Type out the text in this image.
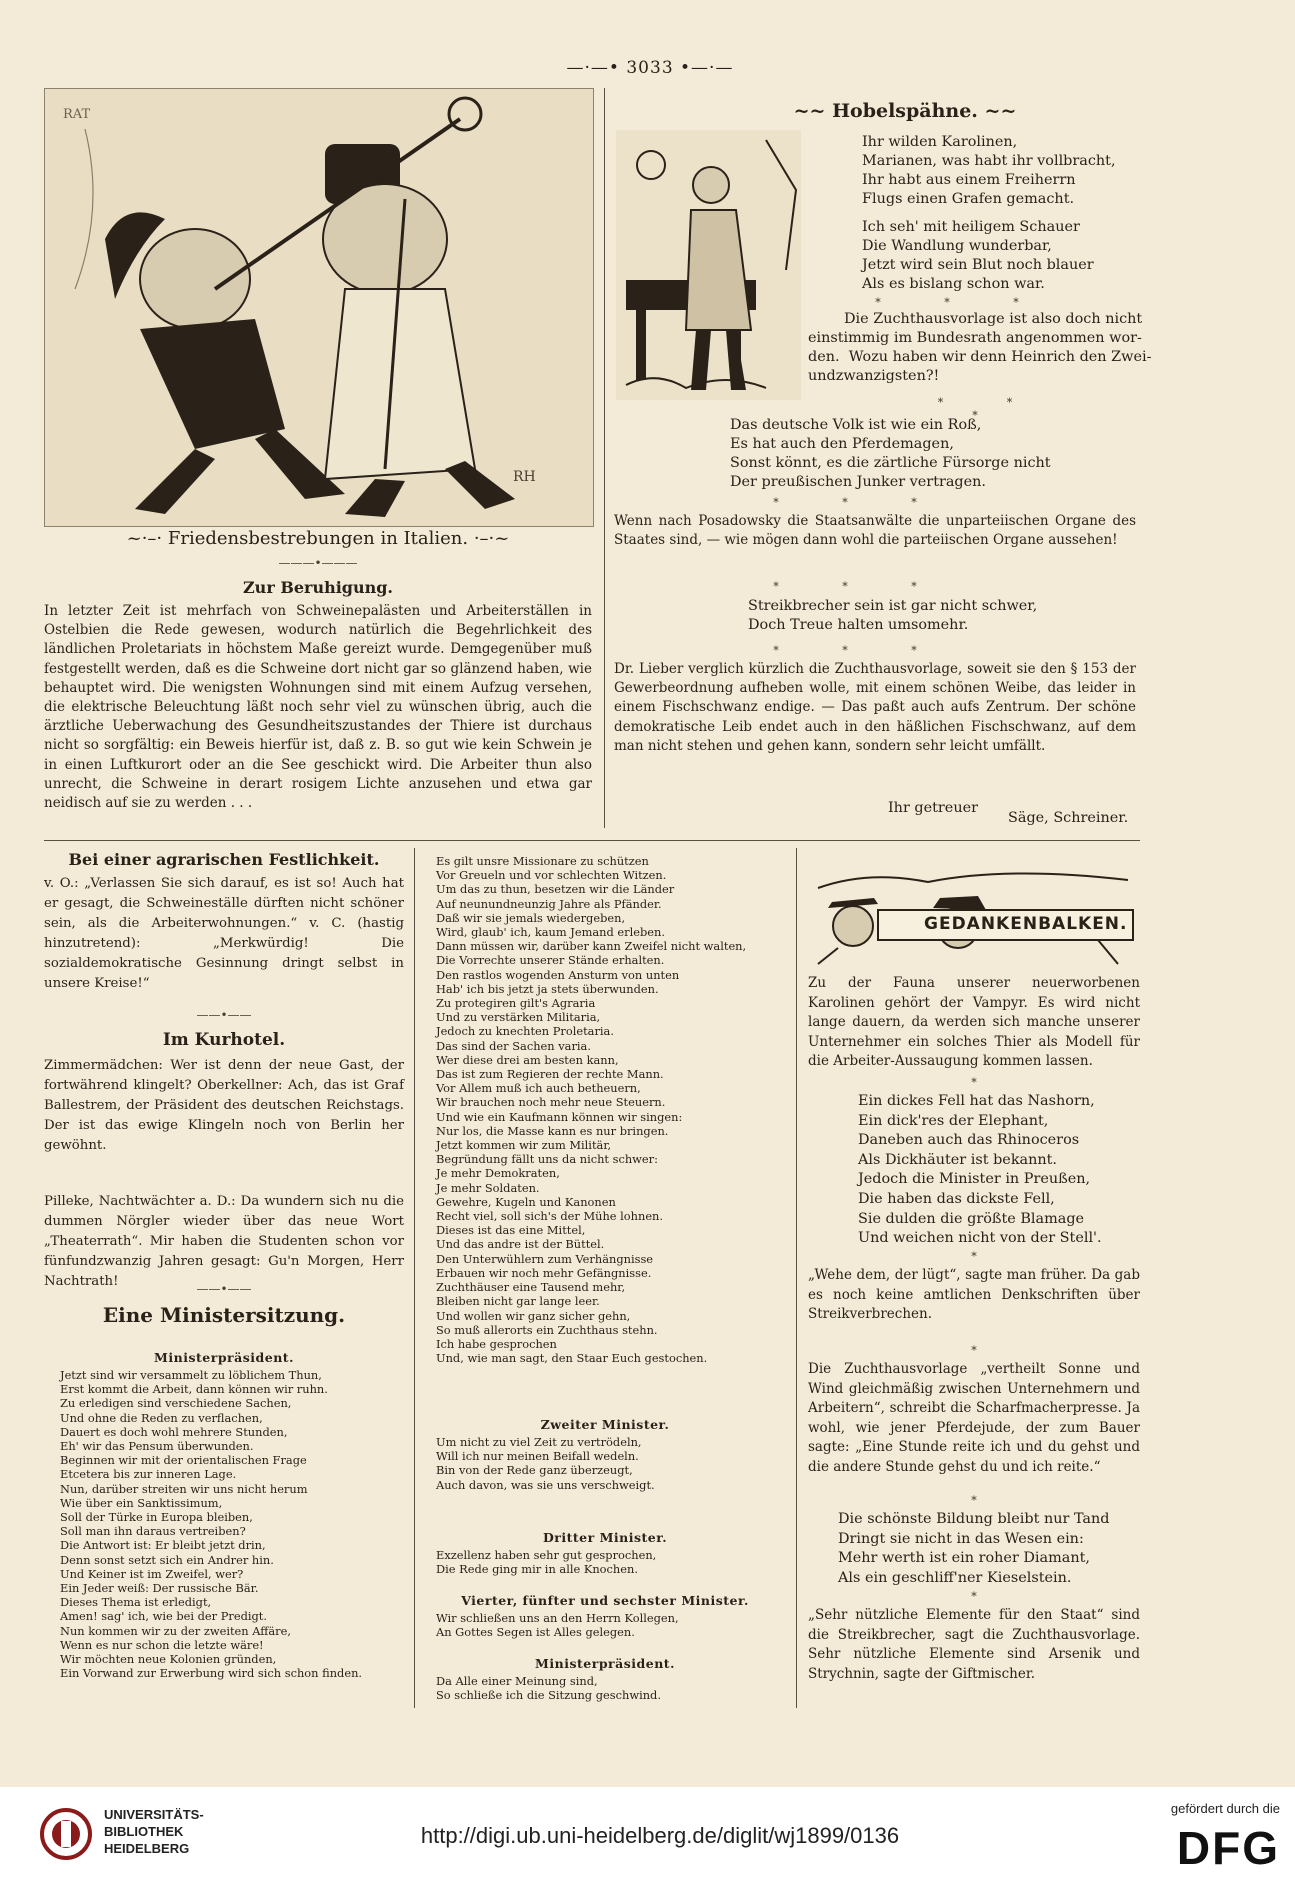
—·—• 3033 •—·—
RAT
RH
~·–· Friedensbestrebungen in Italien. ·–·~
———•———
Zur Beruhigung.
In letzter Zeit ist mehrfach von Schweinepalästen und Arbeiterställen in Ostelbien die Rede gewesen, wodurch natürlich die Begehrlichkeit des ländlichen Proletariats in höchstem Maße gereizt wurde. Demgegenüber muß festgestellt werden, daß es die Schweine dort nicht gar so glänzend haben, wie behauptet wird. Die wenigsten Wohnungen sind mit einem Aufzug versehen, die elektrische Beleuchtung läßt noch sehr viel zu wünschen übrig, auch die ärztliche Ueberwachung des Gesundheitszustandes der Thiere ist durchaus nicht so sorgfältig: ein Beweis hierfür ist, daß z. B. so gut wie kein Schwein je in einen Luftkurort oder an die See geschickt wird. Die Arbeiter thun also unrecht, die Schweine in derart rosigem Lichte anzusehen und etwa gar neidisch auf sie zu werden . . .
~~ Hobelspähne. ~~
Ihr wilden Karolinen,
Marianen, was habt ihr vollbracht,
Ihr habt aus einem Freiherrn
Flugs einen Grafen gemacht.
Ich seh' mit heiligem Schauer
Die Wandlung wunderbar,
Jetzt wird sein Blut noch blauer
Als es bislang schon war.
* * *
Die Zuchthausvorlage ist also doch nicht
einstimmig im Bundesrath angenommen wor-
den.  Wozu haben wir denn Heinrich den Zwei-
undzwanzigsten?!
* * *
Das deutsche Volk ist wie ein Roß,
Es hat auch den Pferdemagen,
Sonst könnt, es die zärtliche Fürsorge nicht
Der preußischen Junker vertragen.
* * *
Wenn nach Posadowsky die Staatsanwälte die unparteiischen Organe des Staates sind, — wie mögen dann wohl die parteiischen Organe aussehen!
* * *
Streikbrecher sein ist gar nicht schwer,
Doch Treue halten umsomehr.
* * *
Dr. Lieber verglich kürzlich die Zuchthausvorlage, soweit sie den § 153 der Gewerbeordnung aufheben wolle, mit einem schönen Weibe, das leider in einem Fischschwanz endige. — Das paßt auch aufs Zentrum. Der schöne demokratische Leib endet auch in den häßlichen Fischschwanz, auf dem man nicht stehen und gehen kann, sondern sehr leicht umfällt.
Ihr getreuer
Säge, Schreiner.
Bei einer agrarischen Festlichkeit.
v. O.: „Verlassen Sie sich darauf, es ist so! Auch hat er gesagt, die Schweineställe dürften nicht schöner sein, als die Arbeiterwohnungen.“ v. C. (hastig hinzutretend): „Merkwürdig! Die sozialdemokratische Gesinnung dringt selbst in unsere Kreise!“
——•——
Im Kurhotel.
Zimmermädchen: Wer ist denn der neue Gast, der fortwährend klingelt? Oberkellner: Ach, das ist Graf Ballestrem, der Präsident des deutschen Reichstags. Der ist das ewige Klingeln noch von Berlin her gewöhnt.
Pilleke, Nachtwächter a. D.: Da wundern sich nu die dummen Nörgler wieder über das neue Wort „Theaterrath“. Mir haben die Studenten schon vor fünfundzwanzig Jahren gesagt: Gu'n Morgen, Herr Nachtrath!
——•——
Eine Ministersitzung.
Ministerpräsident.
Jetzt sind wir versammelt zu löblichem Thun,
Erst kommt die Arbeit, dann können wir ruhn.
Zu erledigen sind verschiedene Sachen,
Und ohne die Reden zu verflachen,
Dauert es doch wohl mehrere Stunden,
Eh' wir das Pensum überwunden.
Beginnen wir mit der orientalischen Frage
Etcetera bis zur inneren Lage.
Nun, darüber streiten wir uns nicht herum
Wie über ein Sanktissimum,
Soll der Türke in Europa bleiben,
Soll man ihn daraus vertreiben?
Die Antwort ist: Er bleibt jetzt drin,
Denn sonst setzt sich ein Andrer hin.
Und Keiner ist im Zweifel, wer?
Ein Jeder weiß: Der russische Bär.
Dieses Thema ist erledigt,
Amen! sag' ich, wie bei der Predigt.
Nun kommen wir zu der zweiten Affäre,
Wenn es nur schon die letzte wäre!
Wir möchten neue Kolonien gründen,
Ein Vorwand zur Erwerbung wird sich schon finden.
Es gilt unsre Missionare zu schützen
Vor Greueln und vor schlechten Witzen.
Um das zu thun, besetzen wir die Länder
Auf neunundneunzig Jahre als Pfänder.
Daß wir sie jemals wiedergeben,
Wird, glaub' ich, kaum Jemand erleben.
Dann müssen wir, darüber kann Zweifel nicht walten,
Die Vorrechte unserer Stände erhalten.
Den rastlos wogenden Ansturm von unten
Hab' ich bis jetzt ja stets überwunden.
Zu protegiren gilt's Agraria
Und zu verstärken Militaria,
Jedoch zu knechten Proletaria.
Das sind der Sachen varia.
Wer diese drei am besten kann,
Das ist zum Regieren der rechte Mann.
Vor Allem muß ich auch betheuern,
Wir brauchen noch mehr neue Steuern.
Und wie ein Kaufmann können wir singen:
Nur los, die Masse kann es nur bringen.
Jetzt kommen wir zum Militär,
Begründung fällt uns da nicht schwer:
Je mehr Demokraten,
Je mehr Soldaten.
Gewehre, Kugeln und Kanonen
Recht viel, soll sich's der Mühe lohnen.
Dieses ist das eine Mittel,
Und das andre ist der Büttel.
Den Unterwühlern zum Verhängnisse
Erbauen wir noch mehr Gefängnisse.
Zuchthäuser eine Tausend mehr,
Bleiben nicht gar lange leer.
Und wollen wir ganz sicher gehn,
So muß allerorts ein Zuchthaus stehn.
Ich habe gesprochen
Und, wie man sagt, den Staar Euch gestochen.
Zweiter Minister.
Um nicht zu viel Zeit zu vertrödeln,
Will ich nur meinen Beifall wedeln.
Bin von der Rede ganz überzeugt,
Auch davon, was sie uns verschweigt.
Dritter Minister.
Exzellenz haben sehr gut gesprochen,
Die Rede ging mir in alle Knochen.
Vierter, fünfter und sechster Minister.
Wir schließen uns an den Herrn Kollegen,
An Gottes Segen ist Alles gelegen.
Ministerpräsident.
Da Alle einer Meinung sind,
So schließe ich die Sitzung geschwind.
GEDANKENBALKEN.
Zu der Fauna unserer neuerworbenen Karolinen gehört der Vampyr. Es wird nicht lange dauern, da werden sich manche unserer Unternehmer ein solches Thier als Modell für die Arbeiter-Aussaugung kommen lassen.
*
Ein dickes Fell hat das Nashorn,
Ein dick'res der Elephant,
Daneben auch das Rhinoceros
Als Dickhäuter ist bekannt.
Jedoch die Minister in Preußen,
Die haben das dickste Fell,
Sie dulden die größte Blamage
Und weichen nicht von der Stell'.
*
„Wehe dem, der lügt“, sagte man früher. Da gab es noch keine amtlichen Denkschriften über Streikverbrechen.
*
Die Zuchthausvorlage „vertheilt Sonne und Wind gleichmäßig zwischen Unternehmern und Arbeitern“, schreibt die Scharfmacherpresse. Ja wohl, wie jener Pferdejude, der zum Bauer sagte: „Eine Stunde reite ich und du gehst und die andere Stunde gehst du und ich reite.“
*
Die schönste Bildung bleibt nur Tand
Dringt sie nicht in das Wesen ein:
Mehr werth ist ein roher Diamant,
Als ein geschliff'ner Kieselstein.
*
„Sehr nützliche Elemente für den Staat“ sind die Streikbrecher, sagt die Zuchthausvorlage. Sehr nützliche Elemente sind Arsenik und Strychnin, sagte der Giftmischer.
UNIVERSITÄTS-
BIBLIOTHEK
HEIDELBERG
http://digi.ub.uni-heidelberg.de/diglit/wj1899/0136
gefördert durch die
DFG
